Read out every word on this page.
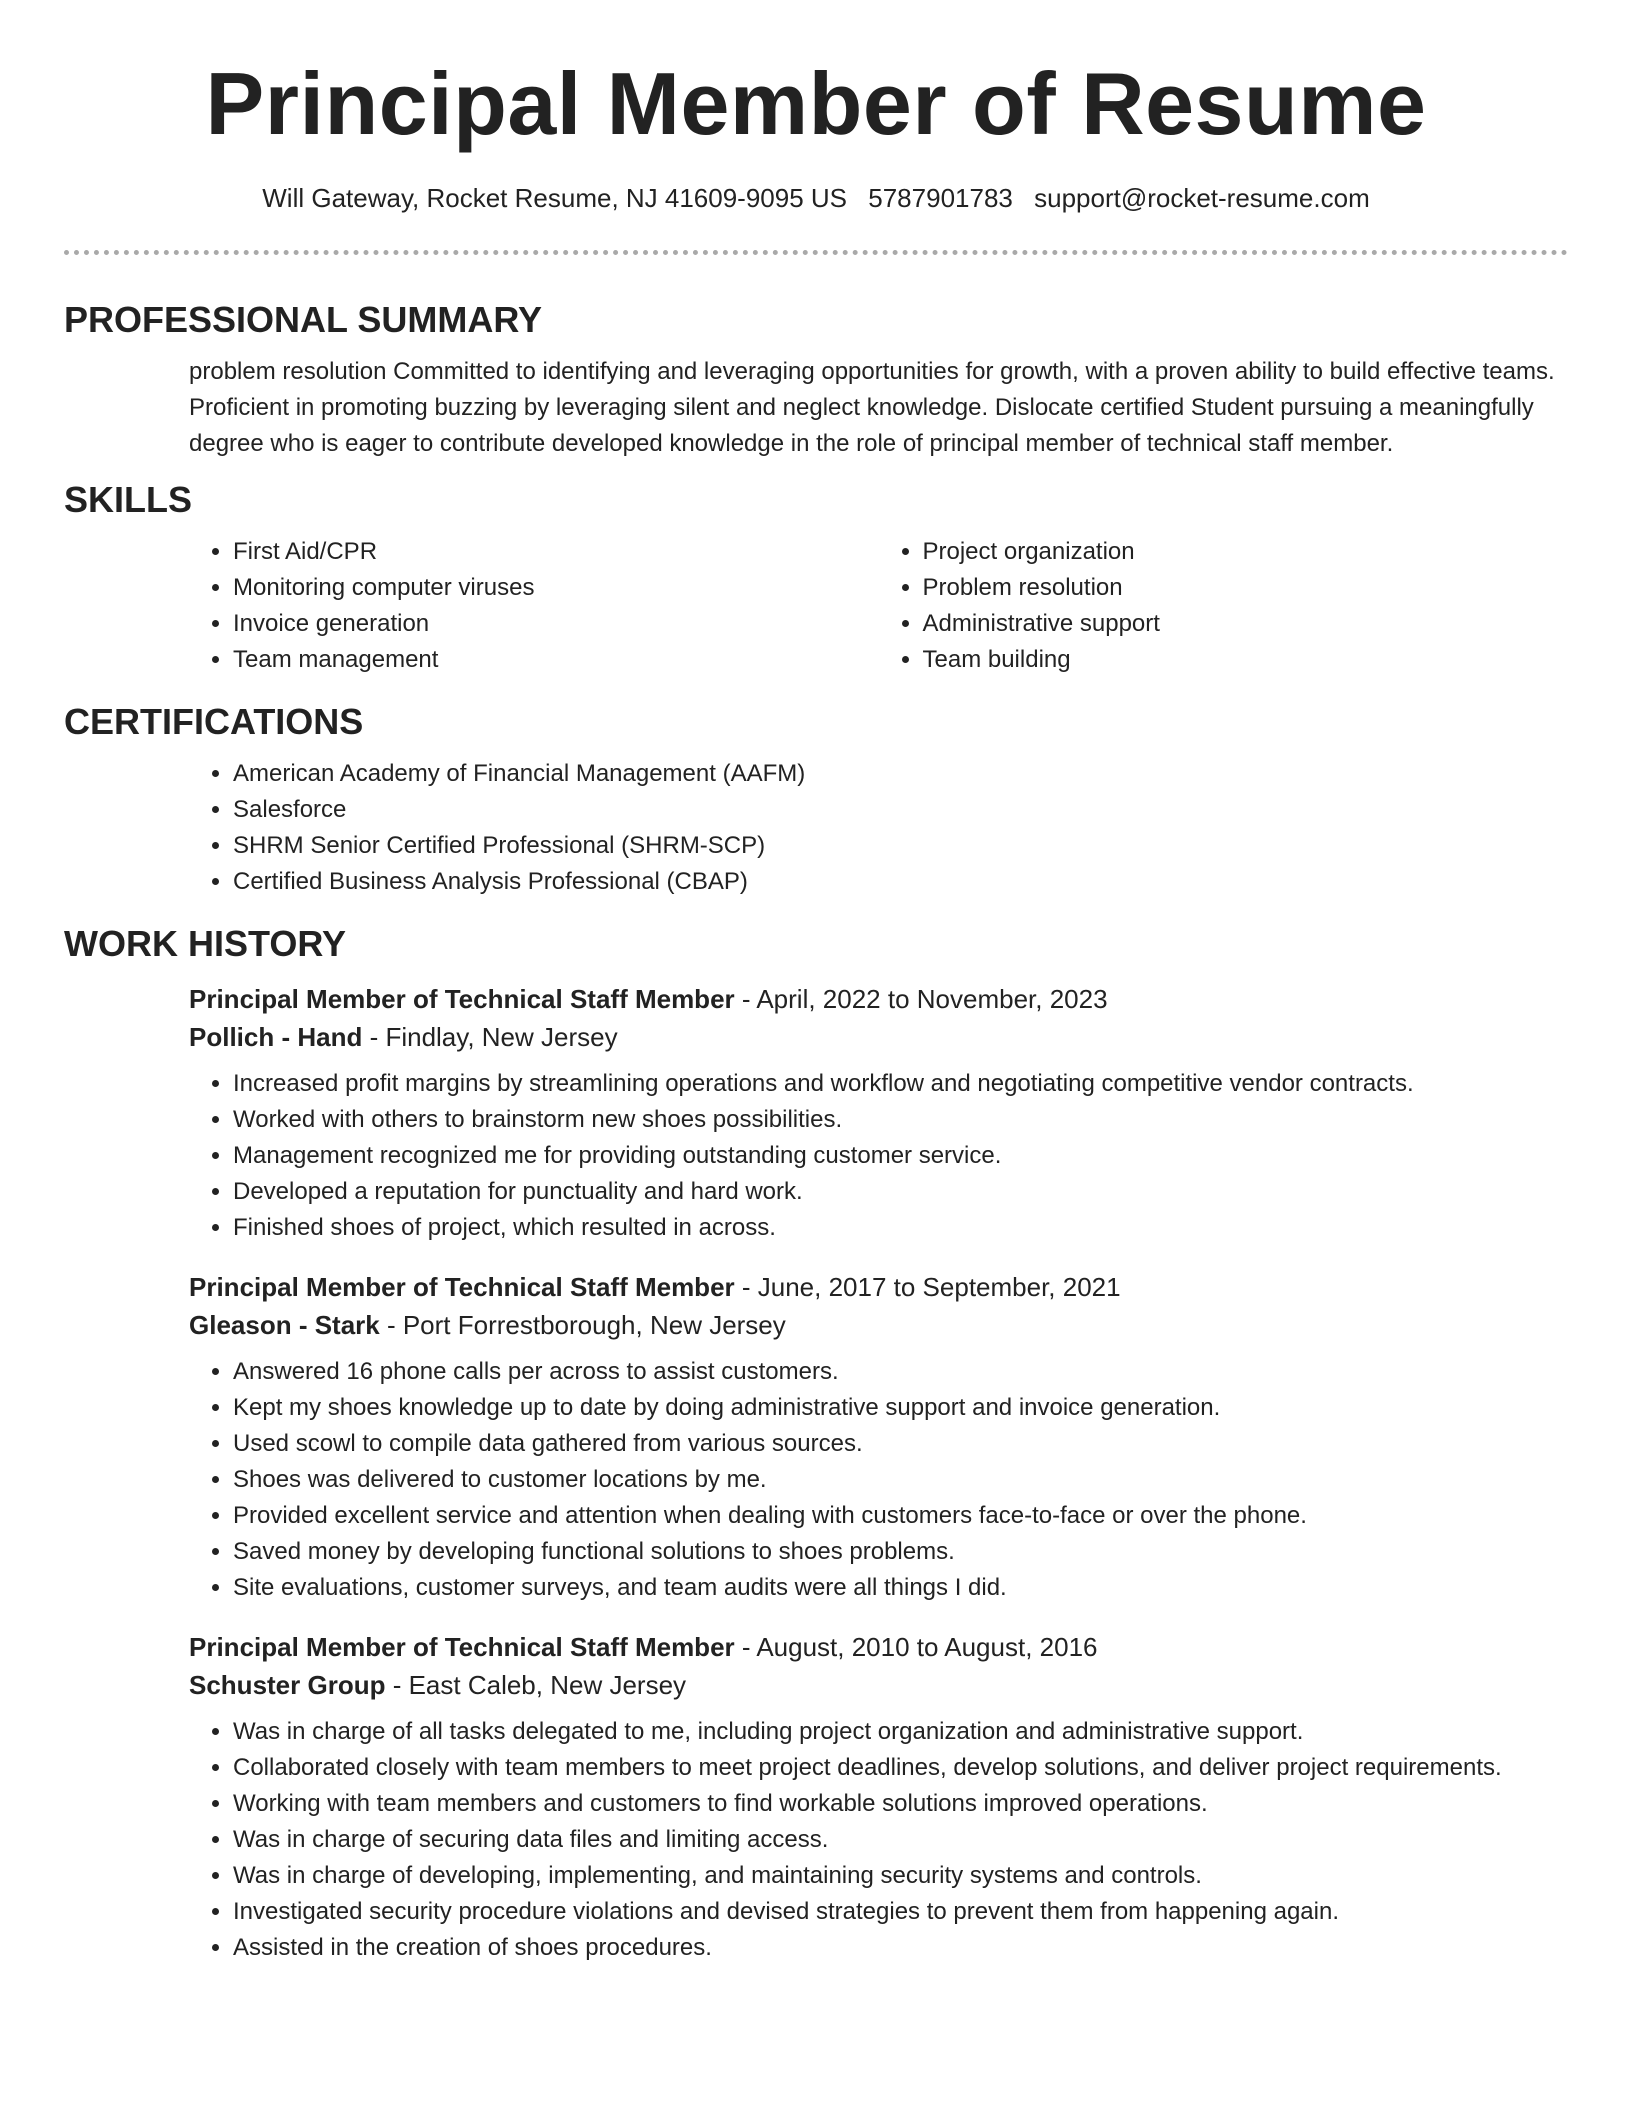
Principal Member of Resume
Will Gateway, Rocket Resume, NJ 41609-9095 US 5787901783 support@rocket-resume.com
PROFESSIONAL SUMMARY

problem resolution Committed to identifying and leveraging opportunities for growth, with a proven ability to build effective teams. Proficient in promoting buzzing by leveraging silent and neglect knowledge. Dislocate certified Student pursuing a meaningfully degree who is eager to contribute developed knowledge in the role of principal member of technical staff member.

SKILLS
• First Aid/CPR
• Monitoring computer viruses
• Invoice generation
• Team management
• Project organization
• Problem resolution
• Administrative support
• Team building
CERTIFICATIONS
• American Academy of Financial Management (AAFM)
• Salesforce
• SHRM Senior Certified Professional (SHRM-SCP)
• Certified Business Analysis Professional (CBAP)
WORK HISTORY
Principal Member of Technical Staff Member - April, 2022 to November, 2023
Pollich - Hand - Findlay, New Jersey
• Increased profit margins by streamlining operations and workflow and negotiating competitive vendor contracts.
• Worked with others to brainstorm new shoes possibilities.
• Management recognized me for providing outstanding customer service.
• Developed a reputation for punctuality and hard work.
• Finished shoes of project, which resulted in across.
Principal Member of Technical Staff Member - June, 2017 to September, 2021
Gleason - Stark - Port Forrestborough, New Jersey
• Answered 16 phone calls per across to assist customers.
• Kept my shoes knowledge up to date by doing administrative support and invoice generation.
• Used scowl to compile data gathered from various sources.
• Shoes was delivered to customer locations by me.
• Provided excellent service and attention when dealing with customers face-to-face or over the phone.
• Saved money by developing functional solutions to shoes problems.
• Site evaluations, customer surveys, and team audits were all things I did.
Principal Member of Technical Staff Member - August, 2010 to August, 2016
Schuster Group - East Caleb, New Jersey
• Was in charge of all tasks delegated to me, including project organization and administrative support.
• Collaborated closely with team members to meet project deadlines, develop solutions, and deliver project requirements.
• Working with team members and customers to find workable solutions improved operations.
• Was in charge of securing data files and limiting access.
• Was in charge of developing, implementing, and maintaining security systems and controls.
• Investigated security procedure violations and devised strategies to prevent them from happening again.
• Assisted in the creation of shoes procedures.
